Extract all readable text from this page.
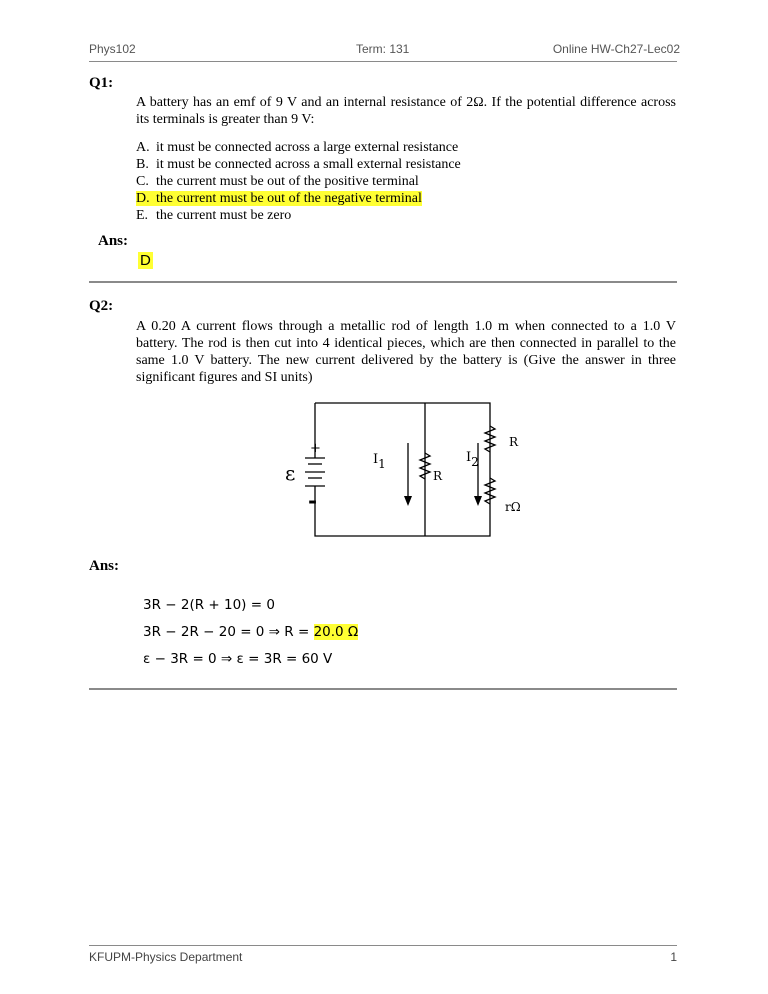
Phys102	Term: 131	Online HW-Ch27-Lec02
Q1:
A battery has an emf of 9 V and an internal resistance of 2Ω. If the potential difference across its terminals is greater than 9 V:
A. it must be connected across a large external resistance
B. it must be connected across a small external resistance
C. the current must be out of the positive terminal
D. the current must be out of the negative terminal
E. the current must be zero
Ans:
D
Q2:
A 0.20 A current flows through a metallic rod of length 1.0 m when connected to a 1.0 V battery. The rod is then cut into 4 identical pieces, which are then connected in parallel to the same 1.0 V battery. The new current delivered by the battery is (Give the answer in three significant figures and SI units)
ε
+
-
I1	I2
R
R
rΩ
Ans:
3R − 2(R + 10) = 0
3R − 2R − 20 = 0 ⇒ R = 20.0 Ω
ε − 3R = 0 ⇒ ε = 3R = 60 V
KFUPM-Physics Department	1
